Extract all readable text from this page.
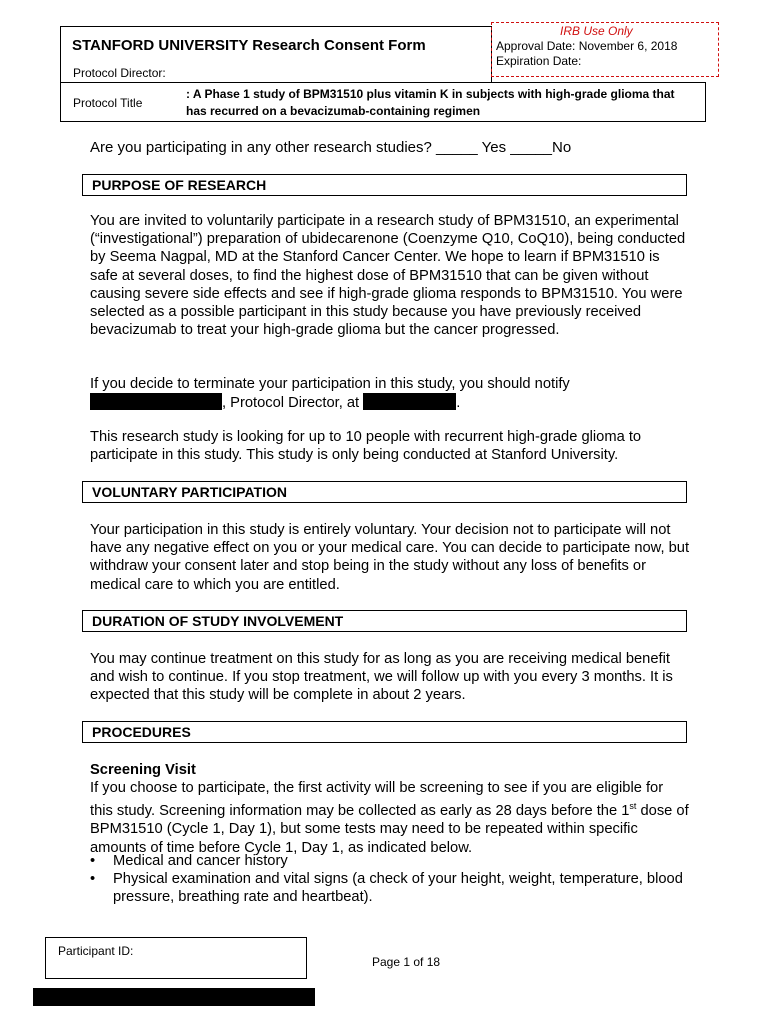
STANFORD UNIVERSITY Research Consent Form
Protocol Director:
IRB Use Only
Approval Date: November 6, 2018
Expiration Date:
Protocol Title
: A Phase 1 study of BPM31510 plus vitamin K in subjects with high-grade glioma that has recurred on a bevacizumab-containing regimen
Are you participating in any other research studies? _____ Yes _____No
PURPOSE OF RESEARCH

You are invited to voluntarily participate in a research study of BPM31510, an experimental (“investigational”) preparation of ubidecarenone (Coenzyme Q10, CoQ10), being conducted by Seema Nagpal, MD at the Stanford Cancer Center. We hope to learn if BPM31510 is safe at several doses, to find the highest dose of BPM31510 that can be given without causing severe side effects and see if high-grade glioma responds to BPM31510. You were selected as a possible participant in this study because you have previously received bevacizumab to treat your high-grade glioma but the cancer progressed.

If you decide to terminate your participation in this study, you should notify
, Protocol Director, at	.

This research study is looking for up to 10 people with recurrent high-grade glioma to participate in this study. This study is only being conducted at Stanford University.

VOLUNTARY PARTICIPATION

Your participation in this study is entirely voluntary. Your decision not to participate will not have any negative effect on you or your medical care. You can decide to participate now, but withdraw your consent later and stop being in the study without any loss of benefits or medical care to which you are entitled.

DURATION OF STUDY INVOLVEMENT

You may continue treatment on this study for as long as you are receiving medical benefit and wish to continue. If you stop treatment, we will follow up with you every 3 months. It is expected that this study will be complete in about 2 years.

PROCEDURES
Screening Visit

If you choose to participate, the first activity will be screening to see if you are eligible for this study. Screening information may be collected as early as 28 days before the 1st dose of BPM31510 (Cycle 1, Day 1), but some tests may need to be repeated within specific amounts of time before Cycle 1, Day 1, as indicated below.

• Medical and cancer history
• Physical examination and vital signs (a check of your height, weight, temperature, blood pressure, breathing rate and heartbeat).
Participant ID:
Page 1 of 18
